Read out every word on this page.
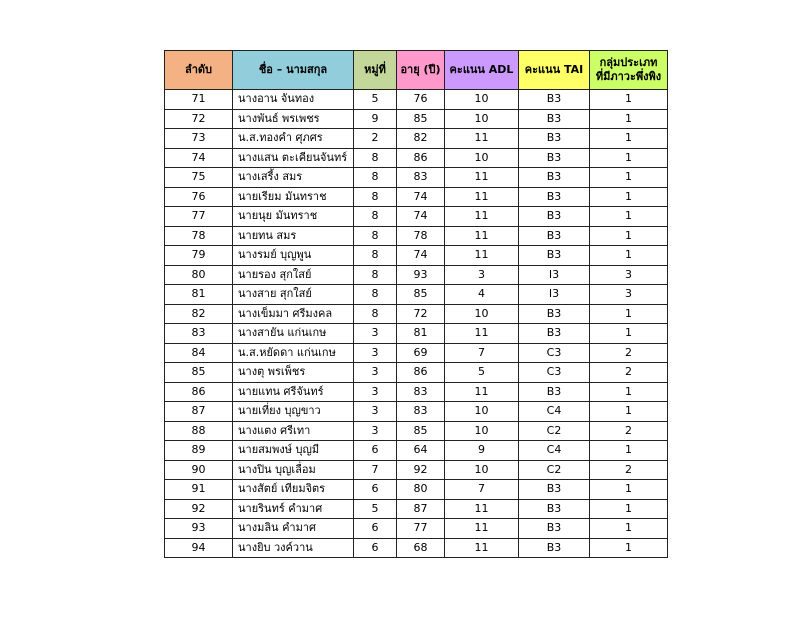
ลำดับ	ชื่อ – นามสกุล	หมู่ที่	อายุ (ปี)	คะแนน ADL	คะแนน TAI	กลุ่มประเภท
ที่มีภาวะพึ่งพิง
71	นางอาน จันทอง	5	76	10	B3	1
72	นางพันธ์ พรเพชร	9	85	10	B3	1
73	น.ส.ทองคำ ศุภศร	2	82	11	B3	1
74	นางแสน ตะเคียนจันทร์	8	86	10	B3	1
75	นางเสรี้ง สมร	8	83	11	B3	1
76	นายเรียม มันทราช	8	74	11	B3	1
77	นายนุย มันทราช	8	74	11	B3	1
78	นายทน สมร	8	78	11	B3	1
79	นางรมย์ บุญพูน	8	74	11	B3	1
80	นายรอง สุกใสย์	8	93	3	I3	3
81	นางสาย สุกใสย์	8	85	4	I3	3
82	นางเข็มมา ศรีมงคล	8	72	10	B3	1
83	นางสายัน แก่นเกษ	3	81	11	B3	1
84	น.ส.หยัดดา แก่นเกษ	3	69	7	C3	2
85	นางตุ พรเพ็ชร	3	86	5	C3	2
86	นายแทน ศรีจันทร์	3	83	11	B3	1
87	นายเที่ยง บุญขาว	3	83	10	C4	1
88	นางแตง ศรีเทา	3	85	10	C2	2
89	นายสมพงษ์ บุญมี	6	64	9	C4	1
90	นางปิน บุญเลื่อม	7	92	10	C2	2
91	นางสัตย์ เทียมจิตร	6	80	7	B3	1
92	นายรินทร์ คำมาศ	5	87	11	B3	1
93	นางมลิน คำมาศ	6	77	11	B3	1
94	นางยิบ วงค์วาน	6	68	11	B3	1
